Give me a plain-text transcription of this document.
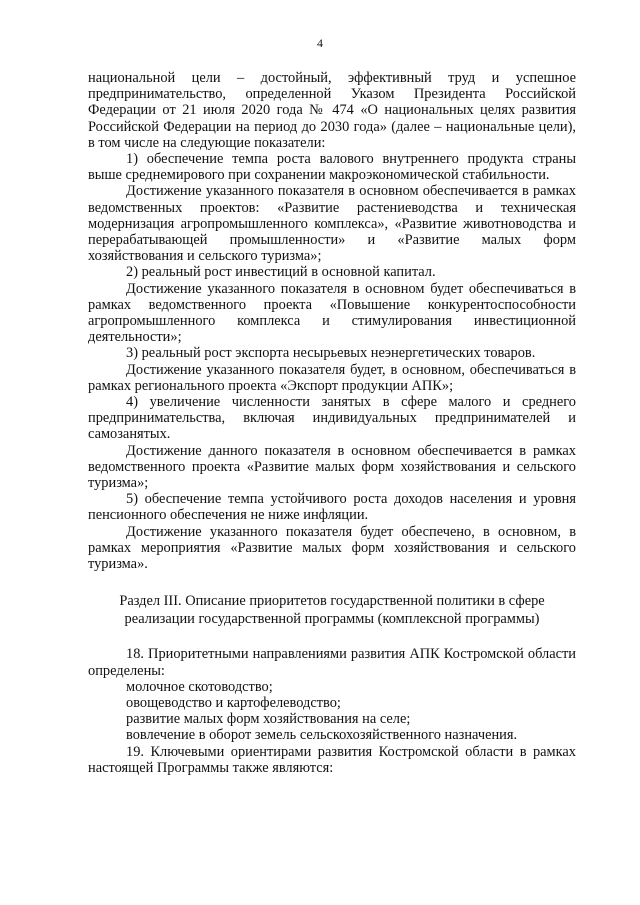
4

национальной цели – достойный, эффективный труд и успешное предпринимательство, определенной Указом Президента Российской Федерации от 21 июля 2020 года № 474 «О национальных целях развития Российской Федерации на период до 2030 года» (далее – национальные цели), в том числе на следующие показатели:

1) обеспечение темпа роста валового внутреннего продукта страны выше среднемирового при сохранении макроэкономической стабильности.

Достижение указанного показателя в основном обеспечивается в рамках ведомственных проектов: «Развитие растениеводства и техническая модернизация агропромышленного комплекса», «Развитие животноводства и перерабатывающей промышленности» и «Развитие малых форм хозяйствования и сельского туризма»;

2) реальный рост инвестиций в основной капитал.

Достижение указанного показателя в основном будет обеспечиваться в рамках ведомственного проекта «Повышение конкурентоспособности агропромышленного комплекса и стимулирования инвестиционной деятельности»;

3) реальный рост экспорта несырьевых неэнергетических товаров.

Достижение указанного показателя будет, в основном, обеспечиваться в рамках регионального проекта «Экспорт продукции АПК»;

4) увеличение численности занятых в сфере малого и среднего предпринимательства, включая индивидуальных предпринимателей и самозанятых.

Достижение данного показателя в основном обеспечивается в рамках ведомственного проекта «Развитие малых форм хозяйствования и сельского туризма»;

5) обеспечение темпа устойчивого роста доходов населения и уровня пенсионного обеспечения не ниже инфляции.

Достижение указанного показателя будет обеспечено, в основном, в рамках мероприятия «Развитие малых форм хозяйствования и сельского туризма».

Раздел III. Описание приоритетов государственной политики в сфере
реализации государственной программы (комплексной программы)

18. Приоритетными направлениями развития АПК Костромской области определены:

молочное скотоводство;

овощеводство и картофелеводство;

развитие малых форм хозяйствования на селе;

вовлечение в оборот земель сельскохозяйственного назначения.

19. Ключевыми ориентирами развития Костромской области в рамках настоящей Программы также являются:
